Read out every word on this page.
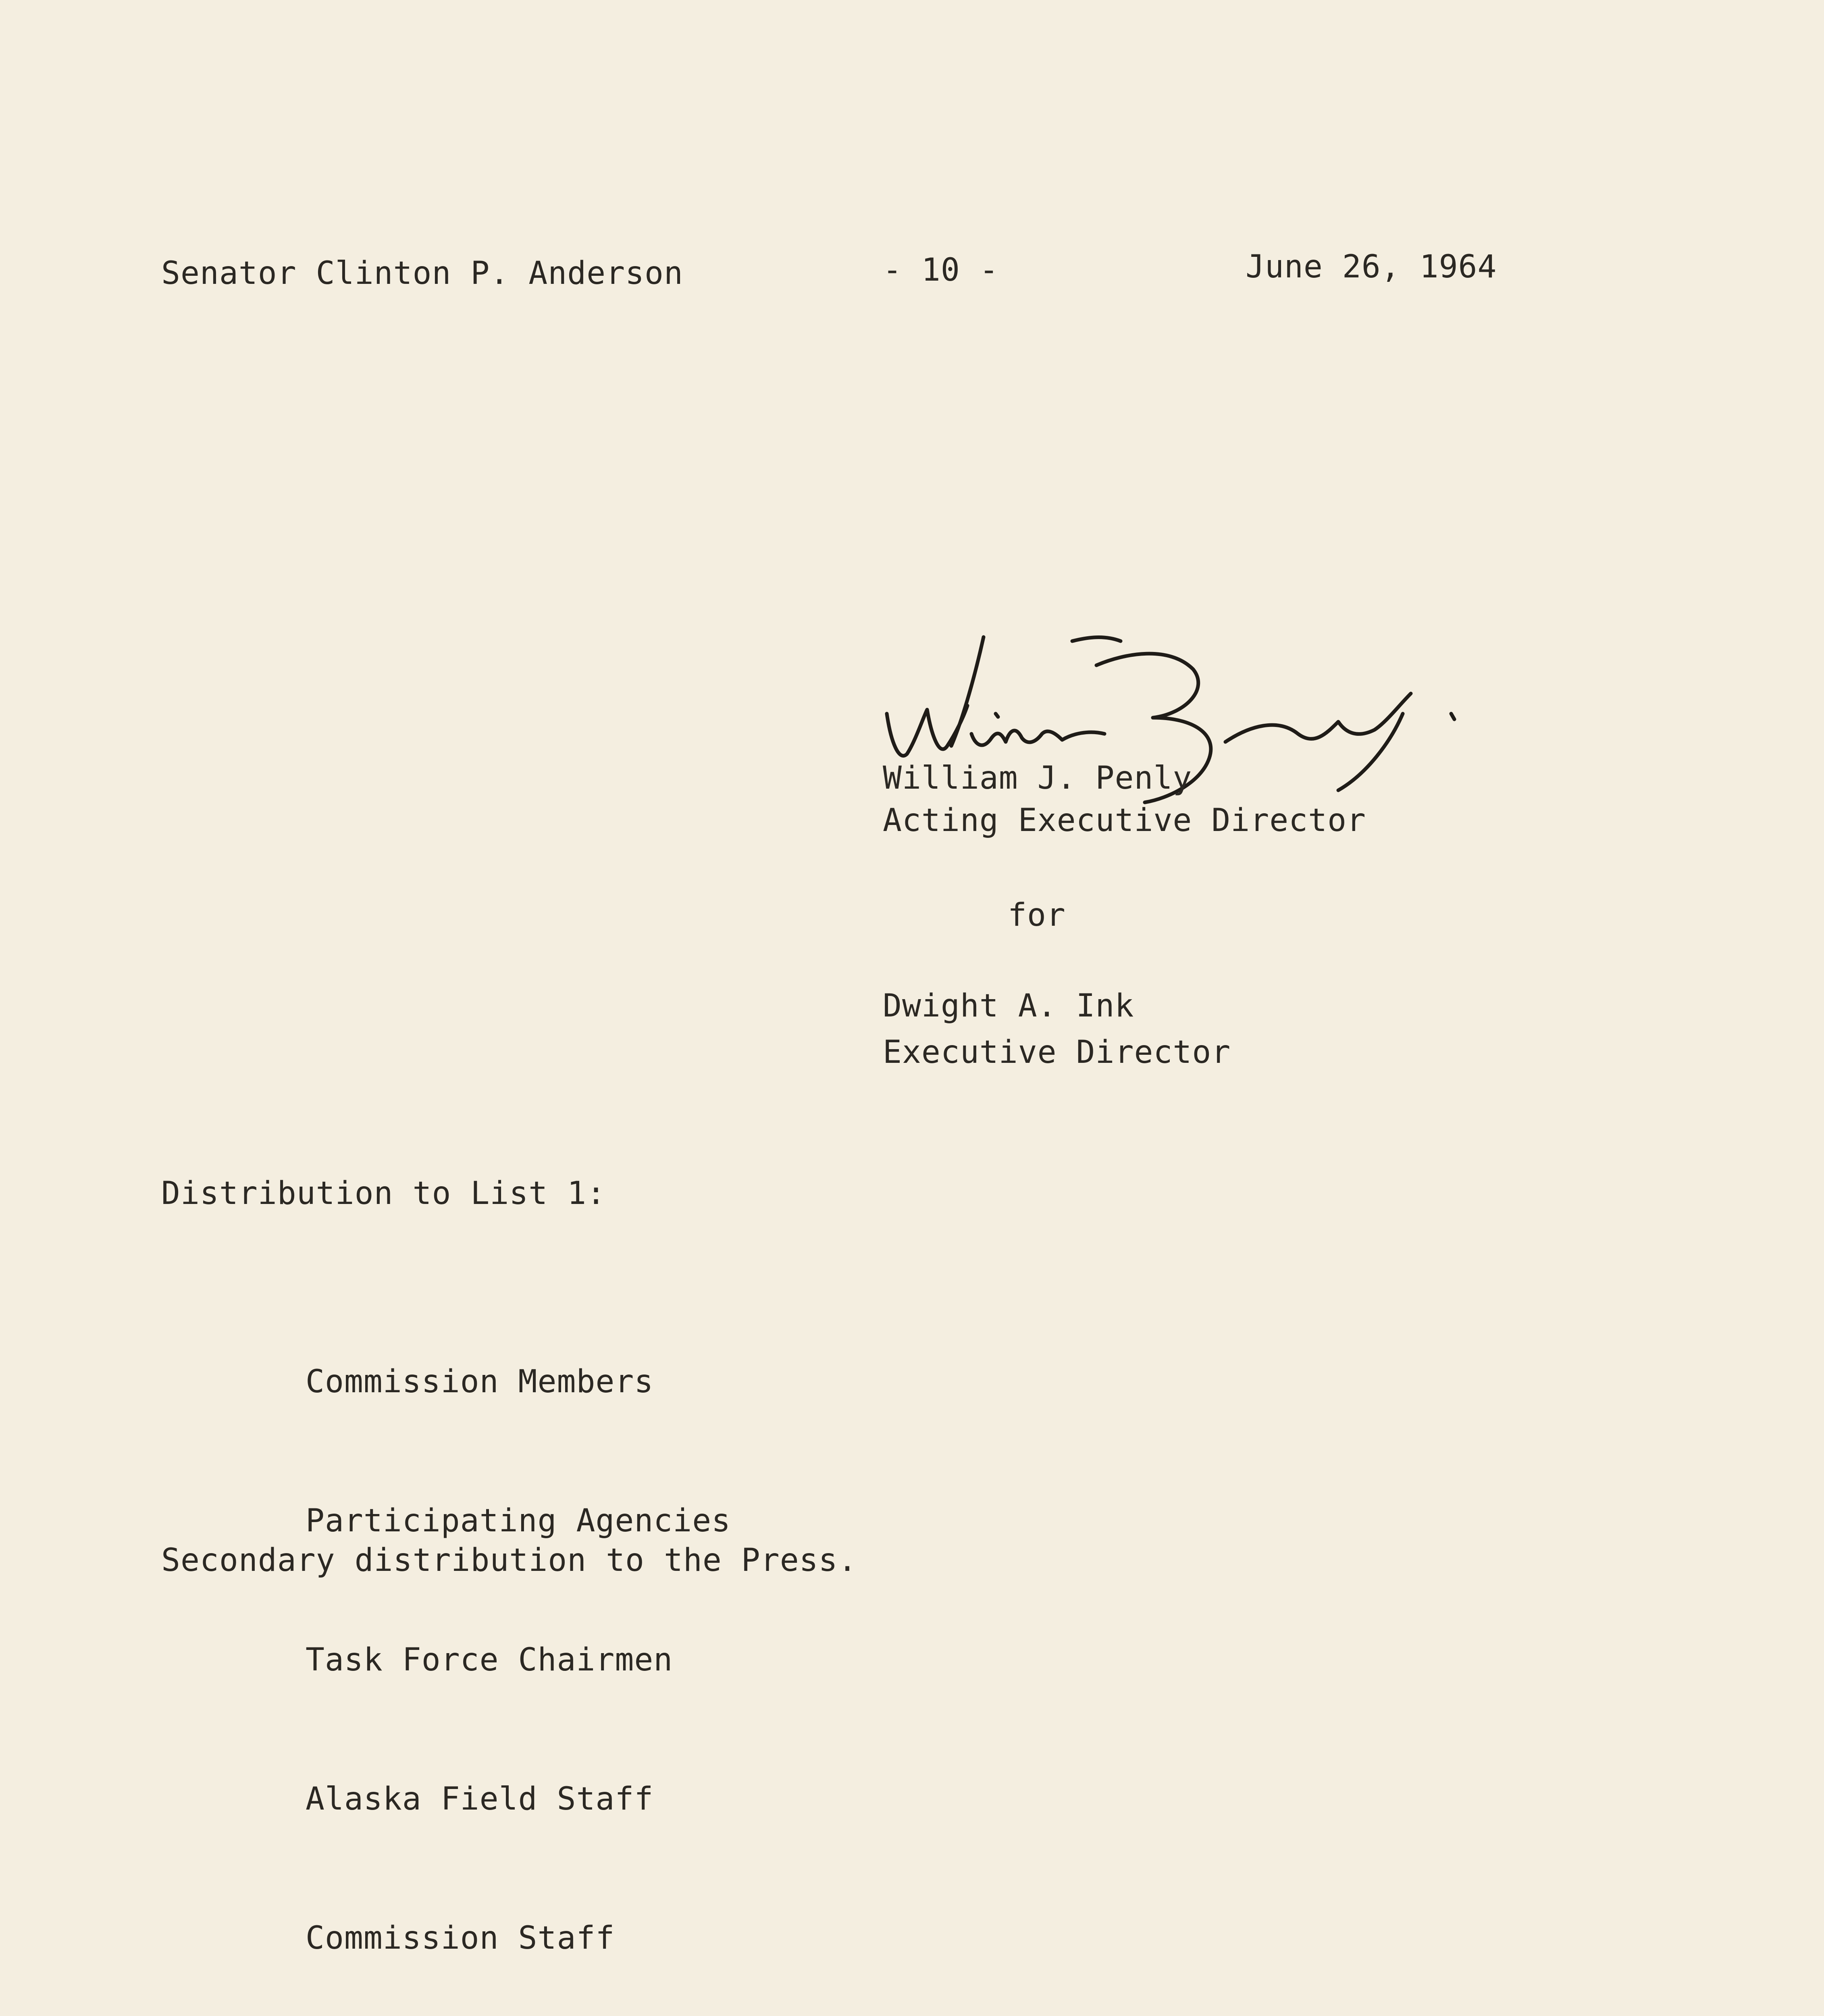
Senator Clinton P. Anderson	- 10 -	June 26, 1964
William J. Penly
Acting Executive Director
for
Dwight A. Ink
Executive Director
Distribution to List 1:

Commission Members

Participating Agencies

Task Force Chairmen

Alaska Field Staff

Commission Staff

Secondary distribution to the Press.
